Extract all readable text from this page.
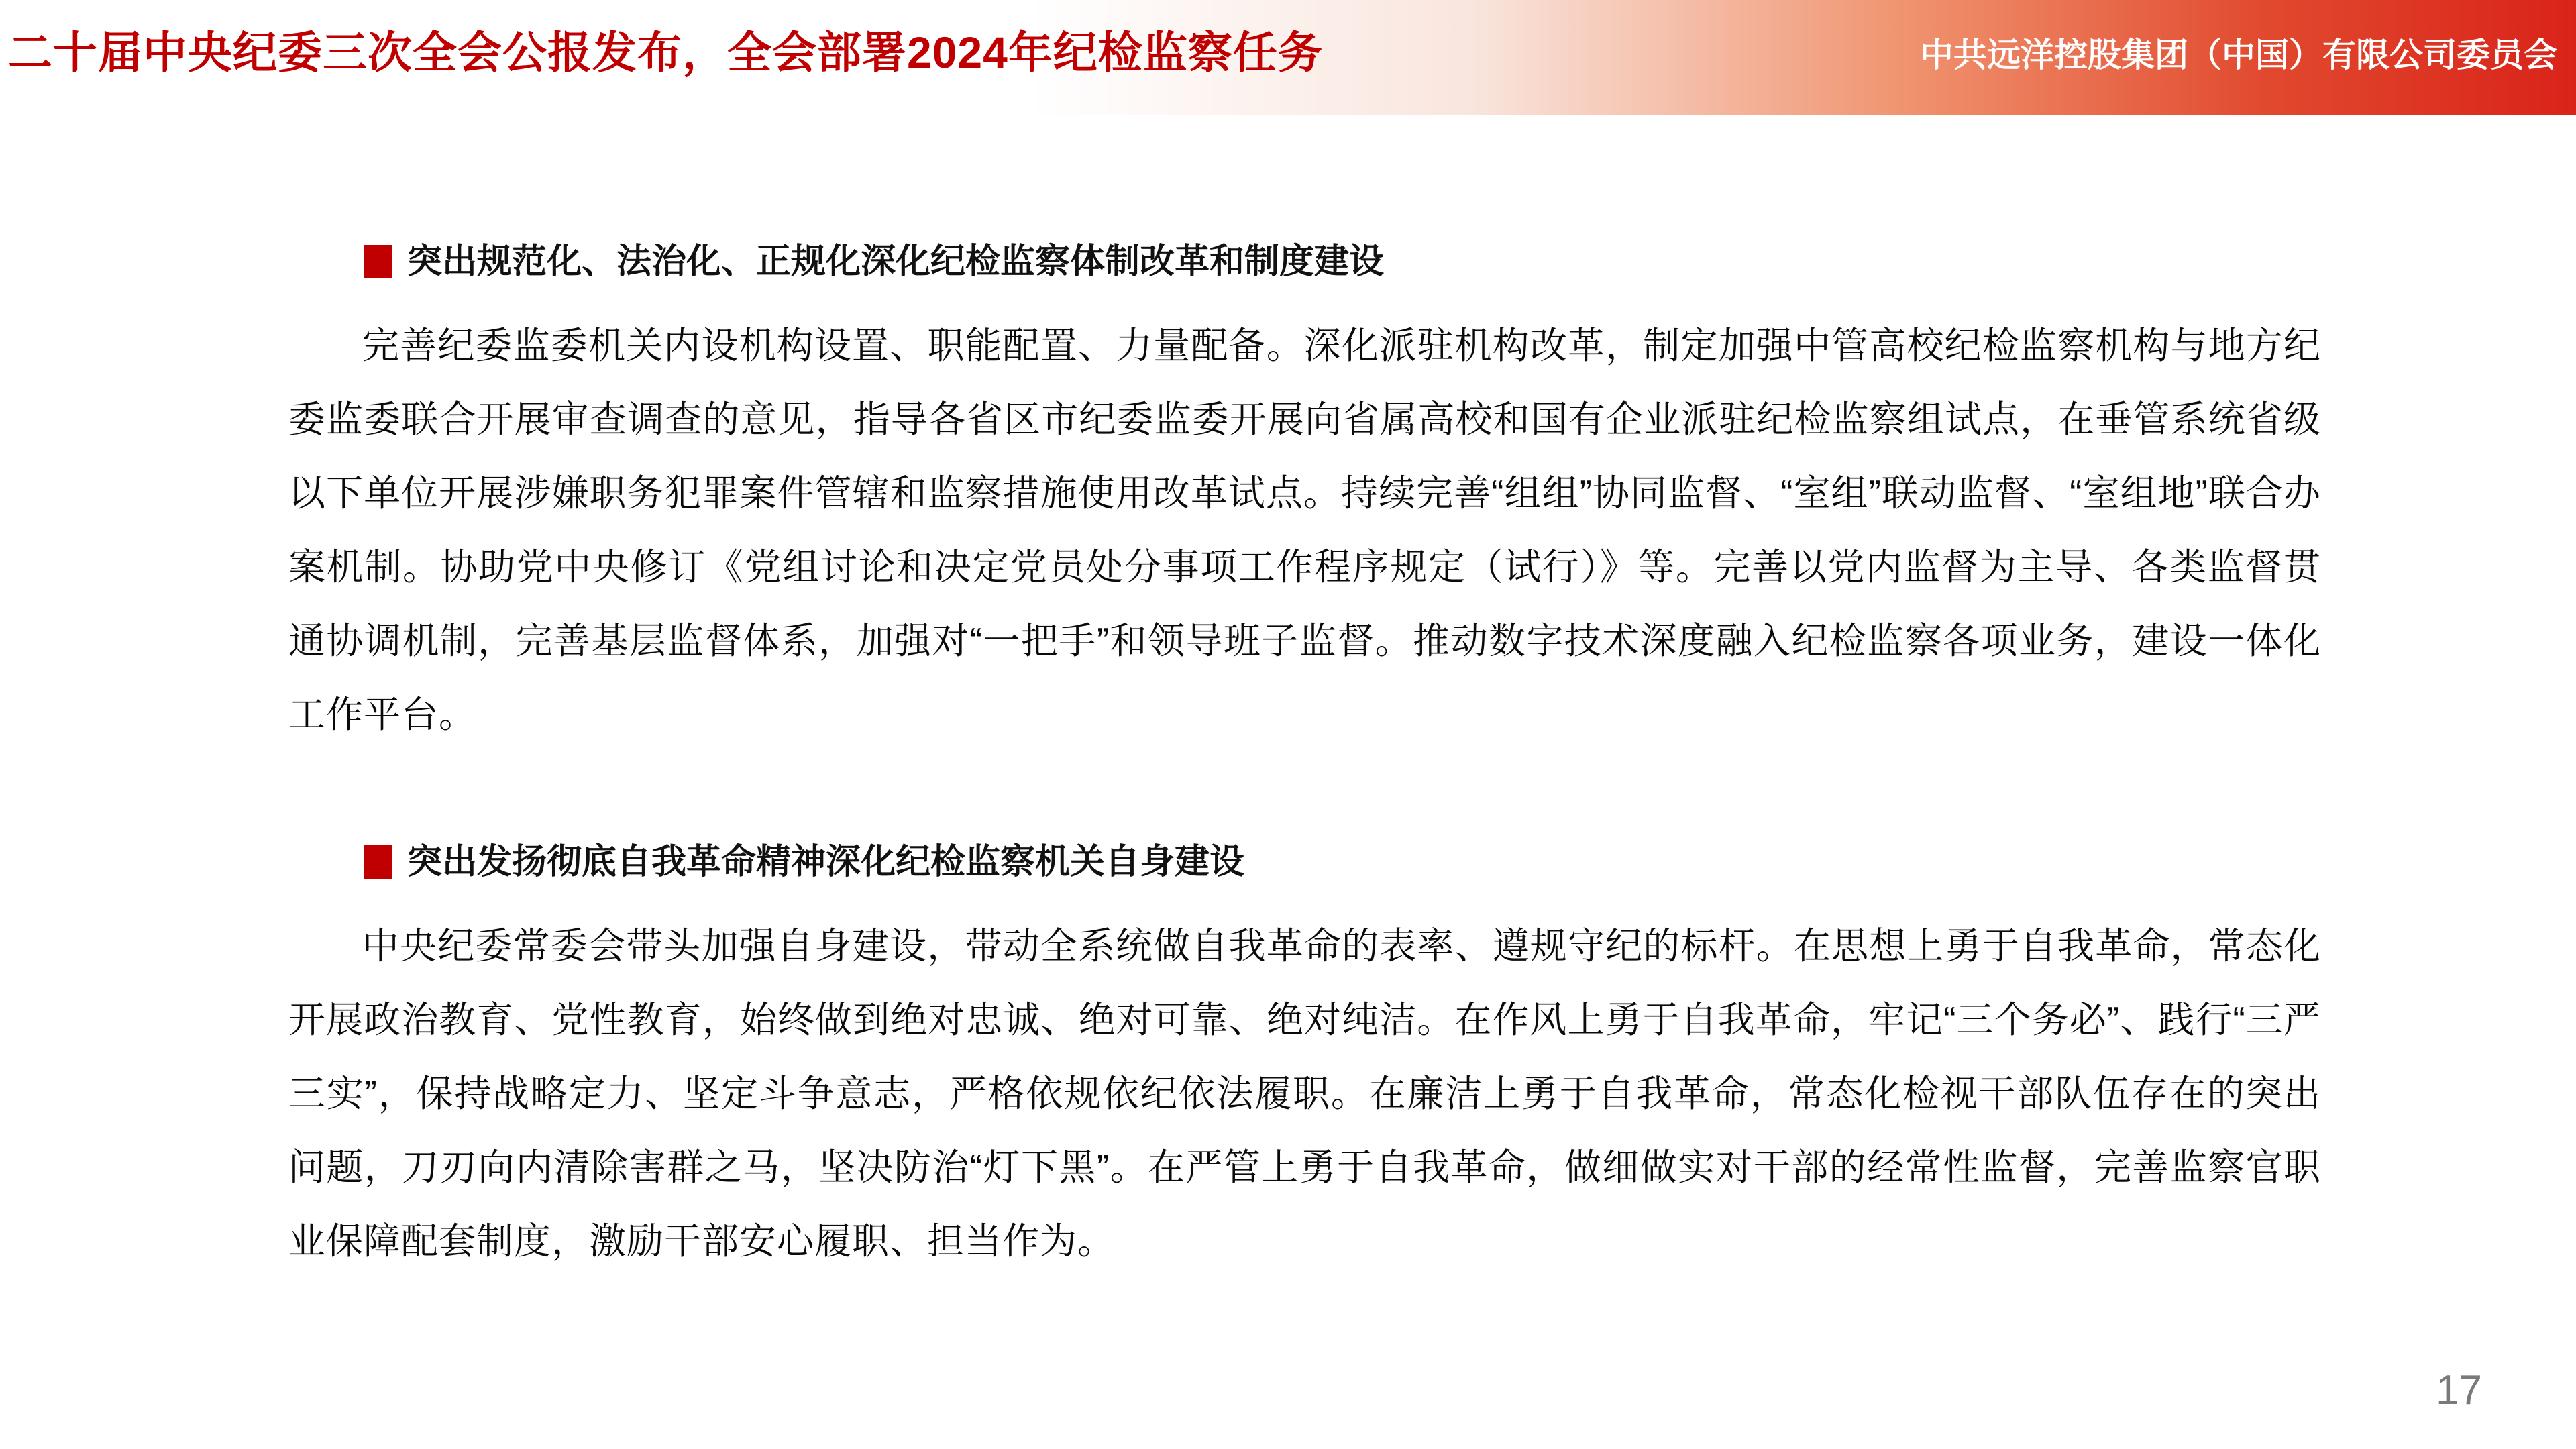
二十届中央纪委三次全会公报发布，全会部署2024年纪检监察任务	中共远洋控股集团（中国）有限公司委员会
突出规范化、法治化、正规化深化纪检监察体制改革和制度建设
完善纪委监委机关内设机构设置、职能配置、力量配备。深化派驻机构改革，制定加强中管高校纪检监察机构与地方纪委监委联合开展审查调查的意见，指导各省区市纪委监委开展向省属高校和国有企业派驻纪检监察组试点，在垂管系统省级以下单位开展涉嫌职务犯罪案件管辖和监察措施使用改革试点。持续完善“组组”协同监督、“室组”联动监督、“室组地”联合办案机制。协助党中央修订《党组讨论和决定党员处分事项工作程序规定（试行）》等。完善以党内监督为主导、各类监督贯通协调机制，完善基层监督体系，加强对“一把手”和领导班子监督。推动数字技术深度融入纪检监察各项业务，建设一体化工作平台。
突出发扬彻底自我革命精神深化纪检监察机关自身建设
中央纪委常委会带头加强自身建设，带动全系统做自我革命的表率、遵规守纪的标杆。在思想上勇于自我革命，常态化开展政治教育、党性教育，始终做到绝对忠诚、绝对可靠、绝对纯洁。在作风上勇于自我革命，牢记“三个务必”、践行“三严三实”，保持战略定力、坚定斗争意志，严格依规依纪依法履职。在廉洁上勇于自我革命，常态化检视干部队伍存在的突出问题，刀刃向内清除害群之马，坚决防治“灯下黑”。在严管上勇于自我革命，做细做实对干部的经常性监督，完善监察官职业保障配套制度，激励干部安心履职、担当作为。
17
